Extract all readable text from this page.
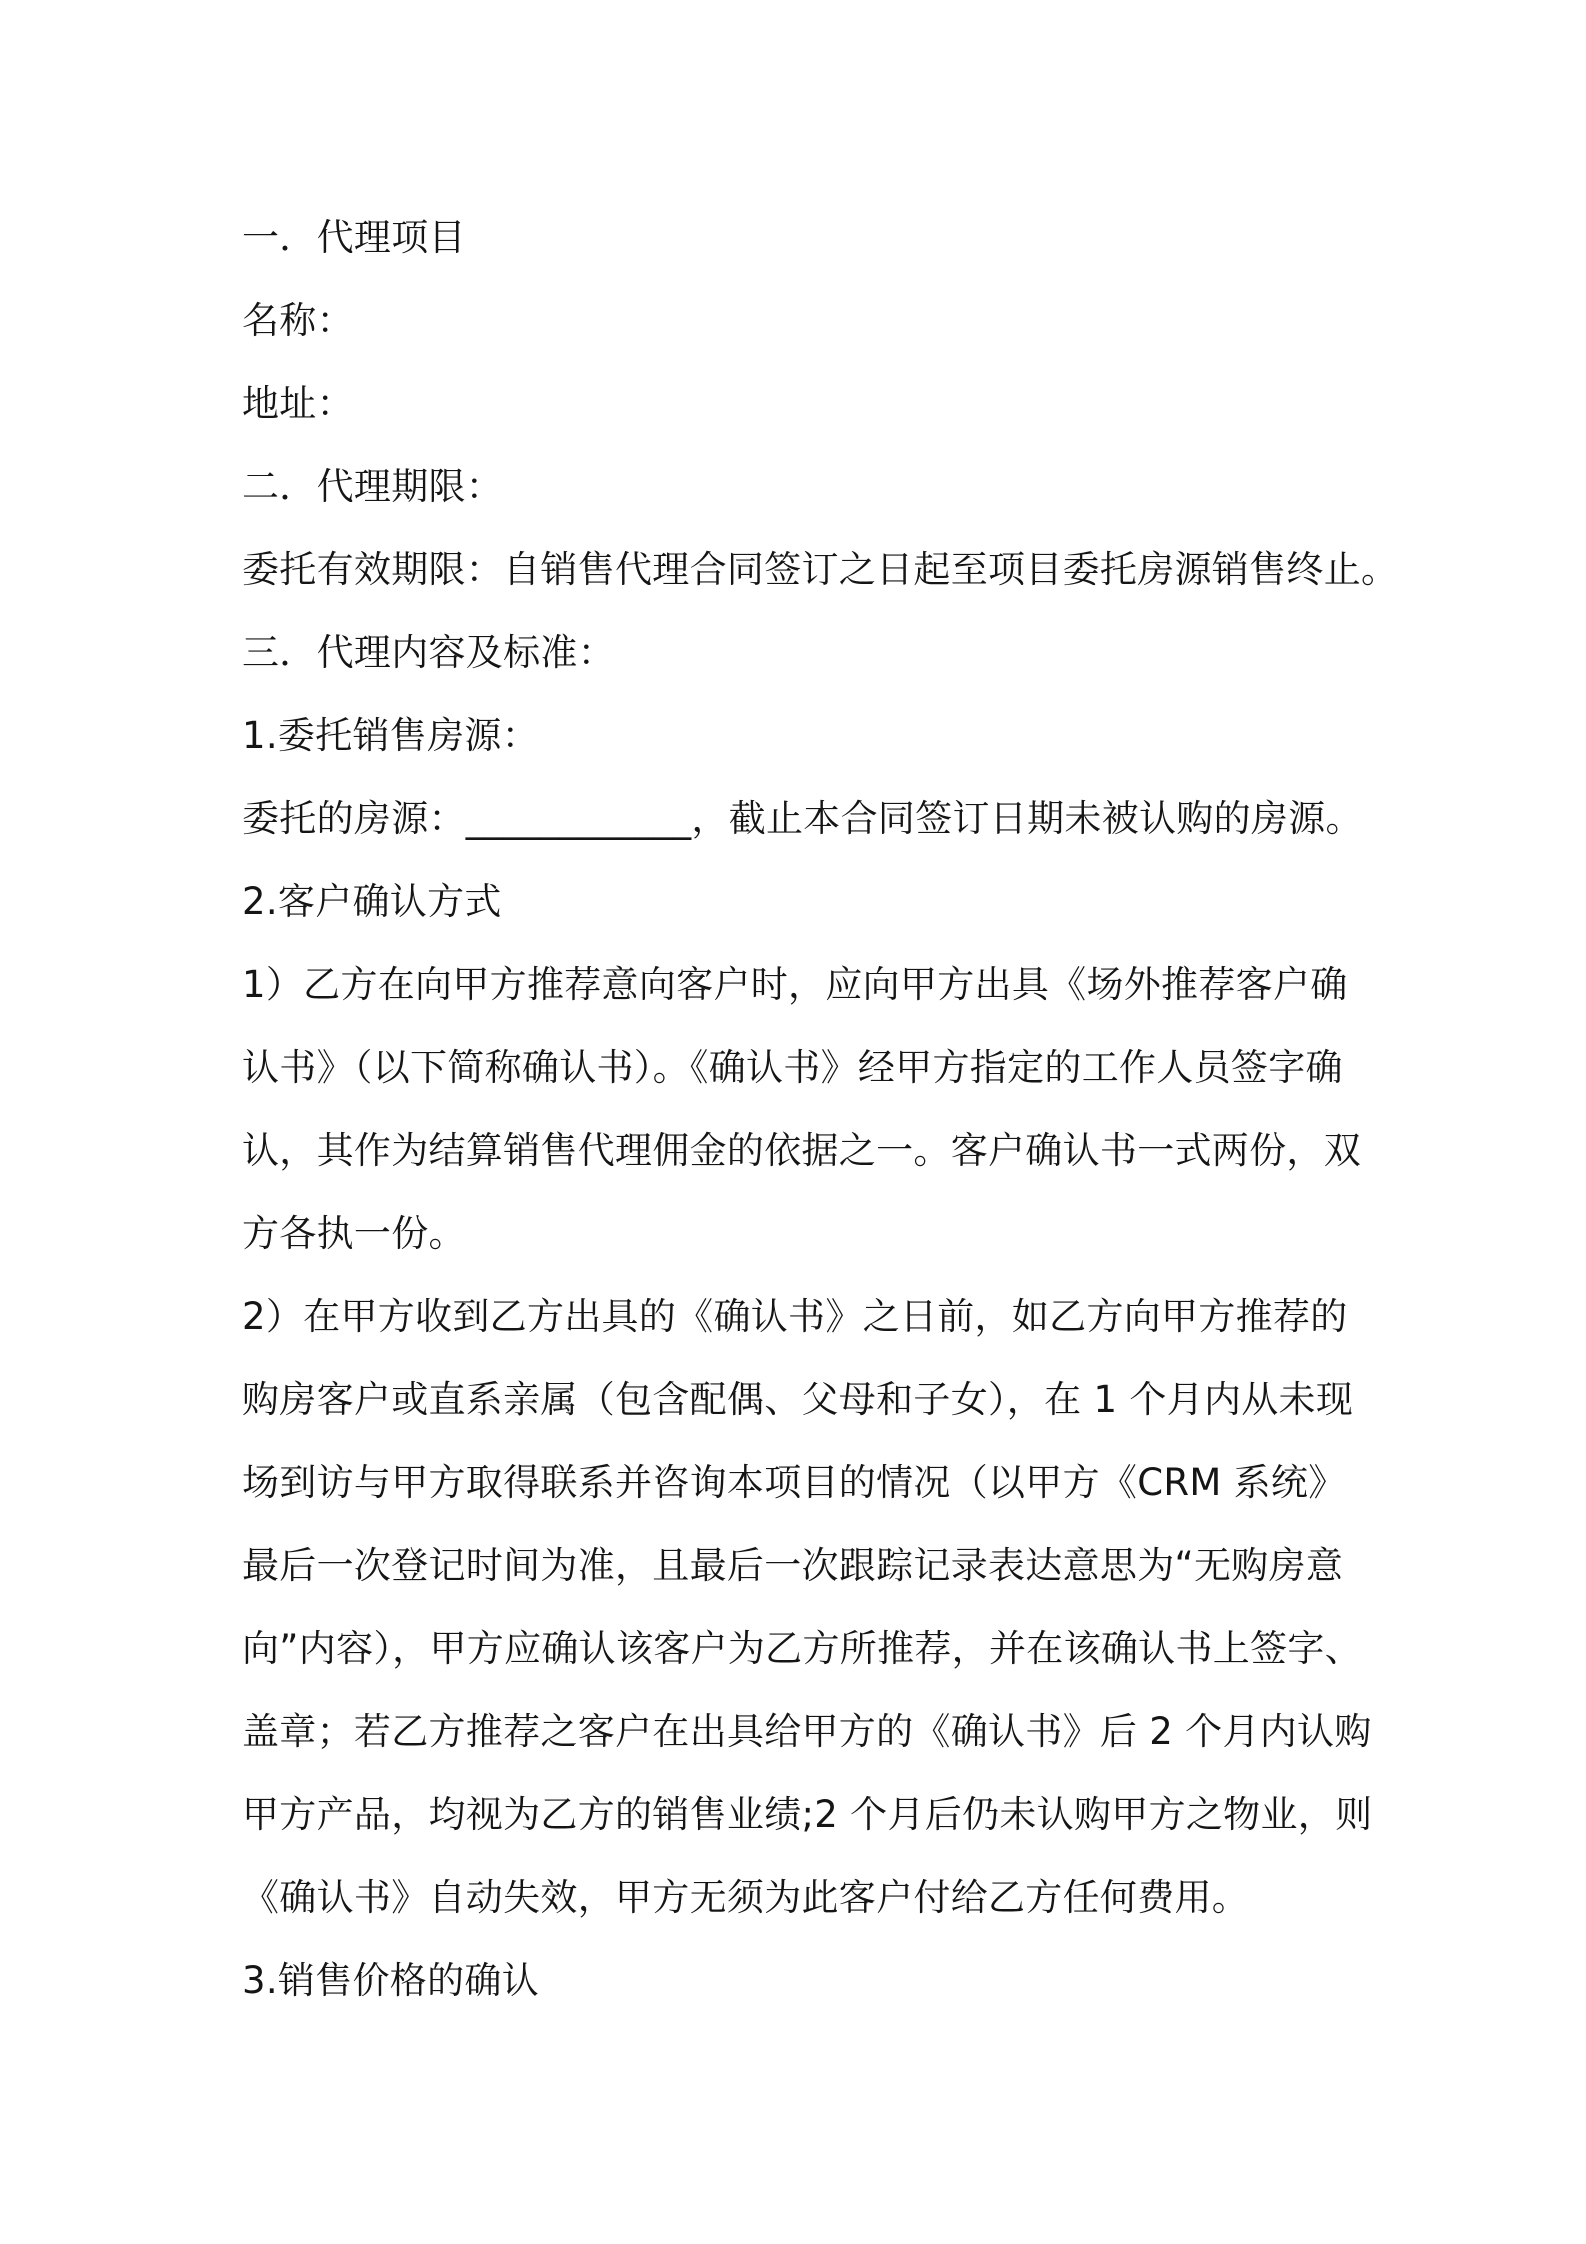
一．代理项目
名称：
地址：
二．代理期限：
委托有效期限：自销售代理合同签订之日起至项目委托房源销售终止。
三．代理内容及标准：
1.委托销售房源：
委托的房源：____________，截止本合同签订日期未被认购的房源。
2.客户确认方式
1）乙方在向甲方推荐意向客户时，应向甲方出具《场外推荐客户确
认书》（以下简称确认书）。《确认书》经甲方指定的工作人员签字确
认，其作为结算销售代理佣金的依据之一。客户确认书一式两份，双
方各执一份。
2）在甲方收到乙方出具的《确认书》之日前，如乙方向甲方推荐的
购房客户或直系亲属（包含配偶、父母和子女），在 1 个月内从未现
场到访与甲方取得联系并咨询本项目的情况（以甲方《CRM 系统》
最后一次登记时间为准，且最后一次跟踪记录表达意思为“无购房意
向”内容），甲方应确认该客户为乙方所推荐，并在该确认书上签字、
盖章；若乙方推荐之客户在出具给甲方的《确认书》后 2 个月内认购
甲方产品，均视为乙方的销售业绩;2 个月后仍未认购甲方之物业，则
《确认书》自动失效，甲方无须为此客户付给乙方任何费用。
3.销售价格的确认
